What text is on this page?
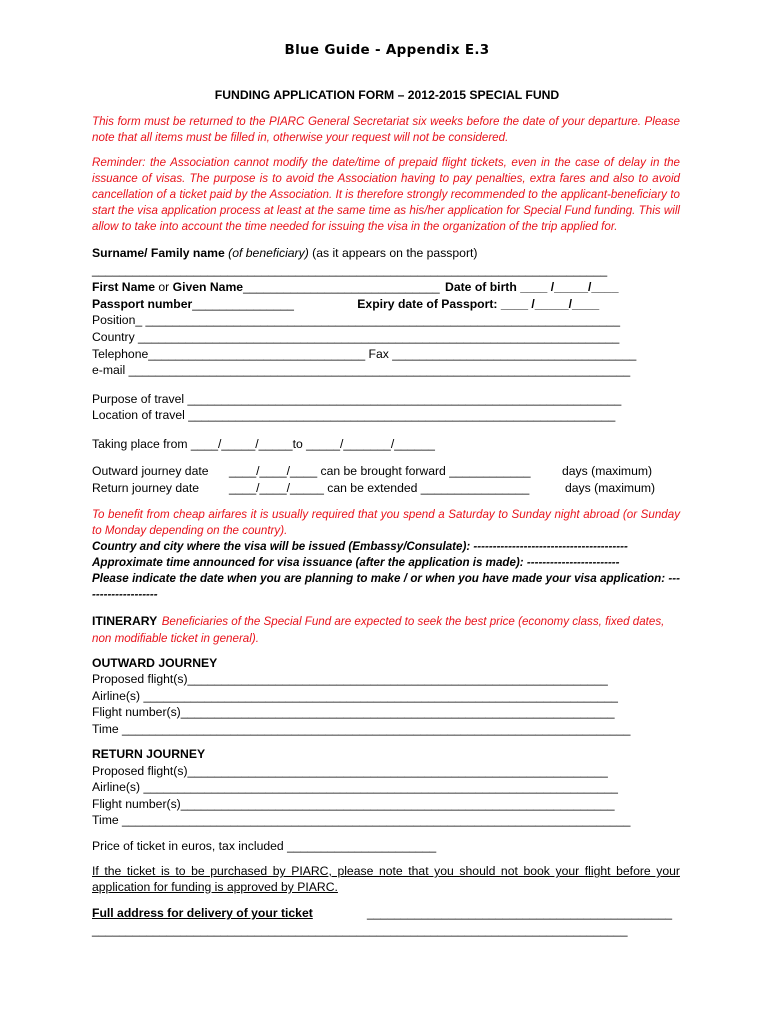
Blue Guide - Appendix E.3
FUNDING APPLICATION FORM – 2012-2015 SPECIAL FUND
This form must be returned to the PIARC General Secretariat six weeks before the date of your departure. Please note that all items must be filled in, otherwise your request will not be considered.
Reminder: the Association cannot modify the date/time of prepaid flight tickets, even in the case of delay in the issuance of visas. The purpose is to avoid the Association having to pay penalties, extra fares and also to avoid cancellation of a ticket paid by the Association. It is therefore strongly recommended to the applicant-beneficiary to start the visa application process at least at the same time as his/her application for Special Fund funding. This will allow to take into account the time needed for issuing the visa in the organization of the trip applied for.
Surname/ Family name (of beneficiary) (as it appears on the passport)
____________________________________________________________________________
First Name or Given Name_____________________________ Date of birth ____ /_____/____
Passport number_______________	Expiry date of Passport: ____ /_____/____
Position_ ______________________________________________________________________
Country _______________________________________________________________________
Telephone________________________________ Fax ____________________________________
e-mail __________________________________________________________________________
Purpose of travel ________________________________________________________________
Location of travel _______________________________________________________________
Taking place from ____/_____/_____to _____/_______/______
Outward journey date ____/____/____ can be brought forward ____________	days (maximum)
Return journey date ____/____/_____ can be extended ________________	days (maximum)
To benefit from cheap airfares it is usually required that you spend a Saturday to Sunday night abroad (or Sunday to Monday depending on the country).
Country and city where the visa will be issued (Embassy/Consulate): ----------------------------------------
Approximate time announced for visa issuance (after the application is made): ------------------------
Please indicate the date when you are planning to make / or when you have made your visa application: --------------------
ITINERARY Beneficiaries of the Special Fund are expected to seek the best price (economy class, fixed dates, non modifiable ticket in general).
OUTWARD JOURNEY
Proposed flight(s)______________________________________________________________
Airline(s) ______________________________________________________________________
Flight number(s)________________________________________________________________
Time ___________________________________________________________________________
RETURN JOURNEY
Proposed flight(s)______________________________________________________________
Airline(s) ______________________________________________________________________
Flight number(s)________________________________________________________________
Time ___________________________________________________________________________
Price of ticket in euros, tax included ______________________
If the ticket is to be purchased by PIARC, please note that you should not book your flight before your application for funding is approved by PIARC.
Full address for delivery of your ticket	_____________________________________________
_______________________________________________________________________________
